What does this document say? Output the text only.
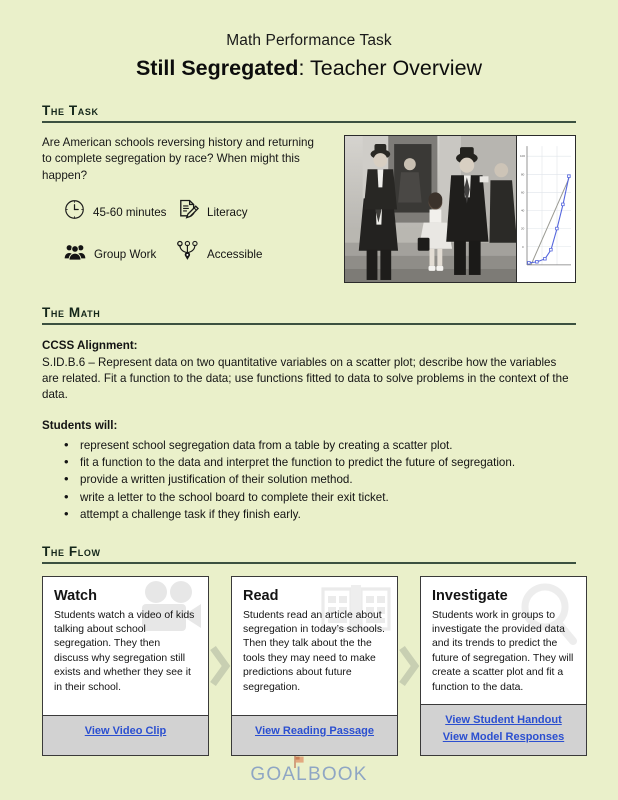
Math Performance Task
Still Segregated: Teacher Overview
The Task
Are American schools reversing history and returning to complete segregation by race? When might this happen?
45-60 minutes	Literacy
Group Work	Accessible
100
80
60
40
20
0
The Math
CCSS Alignment:
S.ID.B.6 – Represent data on two quantitative variables on a scatter plot; describe how the variables are related. Fit a function to the data; use functions fitted to data to solve problems in the context of the data.
Students will:
• represent school segregation data from a table by creating a scatter plot.
• fit a function to the data and interpret the function to predict the future of segregation.
• provide a written justification of their solution method.
• write a letter to the school board to complete their exit ticket.
• attempt a challenge task if they finish early.
The Flow
Watch
Students watch a video of kids talking about school segregation. They then discuss why segregation still exists and whether they see it in their school.
View Video Clip
Read
Students read an article about segregation in today’s schools. Then they talk about the the tools they may need to make predictions about future segregation.
View Reading Passage
Investigate
Students work in groups to investigate the provided data and its trends to predict the future of segregation. They will create a scatter plot and fit a function to the data.
View Student Handout
View Model Responses
GOALBOOK
